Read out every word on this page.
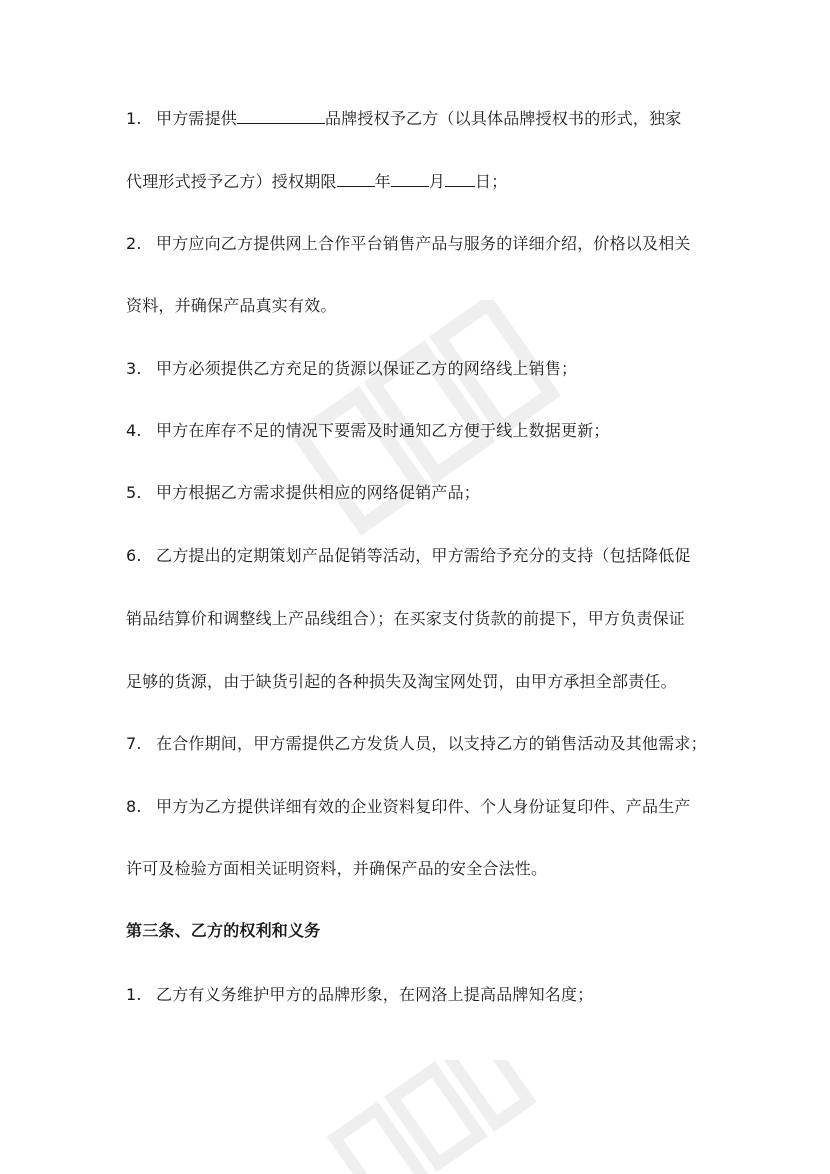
1. 甲方需提供	品牌授权予乙方（以具体品牌授权书的形式，独家
代理形式授予乙方）授权期限 年 月 日；
2. 甲方应向乙方提供网上合作平台销售产品与服务的详细介绍，价格以及相关
资料，并确保产品真实有效。
3. 甲方必须提供乙方充足的货源以保证乙方的网络线上销售；
4. 甲方在库存不足的情况下要需及时通知乙方便于线上数据更新；
5. 甲方根据乙方需求提供相应的网络促销产品；
6. 乙方提出的定期策划产品促销等活动，甲方需给予充分的支持（包括降低促
销品结算价和调整线上产品线组合）；在买家支付货款的前提下，甲方负责保证
足够的货源，由于缺货引起的各种损失及淘宝网处罚，由甲方承担全部责任。
7. 在合作期间，甲方需提供乙方发货人员，以支持乙方的销售活动及其他需求；
8. 甲方为乙方提供详细有效的企业资料复印件、个人身份证复印件、产品生产
许可及检验方面相关证明资料，并确保产品的安全合法性。
第三条、乙方的权利和义务
1. 乙方有义务维护甲方的品牌形象，在网洛上提高品牌知名度；
